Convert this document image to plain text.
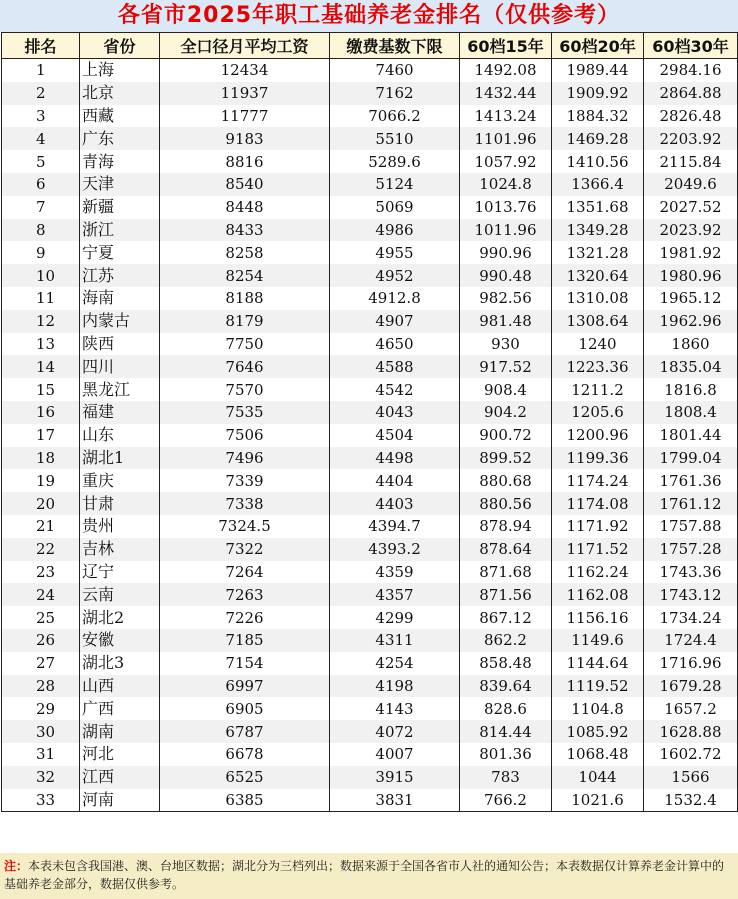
各省市2025年职工基础养老金排名（仅供参考）
排名	省份	全口径月平均工资	缴费基数下限	60档15年	60档20年	60档30年
1	上海	12434	7460	1492.08	1989.44	2984.16
2	北京	11937	7162	1432.44	1909.92	2864.88
3	西藏	11777	7066.2	1413.24	1884.32	2826.48
4	广东	9183	5510	1101.96	1469.28	2203.92
5	青海	8816	5289.6	1057.92	1410.56	2115.84
6	天津	8540	5124	1024.8	1366.4	2049.6
7	新疆	8448	5069	1013.76	1351.68	2027.52
8	浙江	8433	4986	1011.96	1349.28	2023.92
9	宁夏	8258	4955	990.96	1321.28	1981.92
10	江苏	8254	4952	990.48	1320.64	1980.96
11	海南	8188	4912.8	982.56	1310.08	1965.12
12	内蒙古	8179	4907	981.48	1308.64	1962.96
13	陕西	7750	4650	930	1240	1860
14	四川	7646	4588	917.52	1223.36	1835.04
15	黑龙江	7570	4542	908.4	1211.2	1816.8
16	福建	7535	4043	904.2	1205.6	1808.4
17	山东	7506	4504	900.72	1200.96	1801.44
18	湖北1	7496	4498	899.52	1199.36	1799.04
19	重庆	7339	4404	880.68	1174.24	1761.36
20	甘肃	7338	4403	880.56	1174.08	1761.12
21	贵州	7324.5	4394.7	878.94	1171.92	1757.88
22	吉林	7322	4393.2	878.64	1171.52	1757.28
23	辽宁	7264	4359	871.68	1162.24	1743.36
24	云南	7263	4357	871.56	1162.08	1743.12
25	湖北2	7226	4299	867.12	1156.16	1734.24
26	安徽	7185	4311	862.2	1149.6	1724.4
27	湖北3	7154	4254	858.48	1144.64	1716.96
28	山西	6997	4198	839.64	1119.52	1679.28
29	广西	6905	4143	828.6	1104.8	1657.2
30	湖南	6787	4072	814.44	1085.92	1628.88
31	河北	6678	4007	801.36	1068.48	1602.72
32	江西	6525	3915	783	1044	1566
33	河南	6385	3831	766.2	1021.6	1532.4
注：本表未包含我国港、澳、台地区数据；湖北分为三档列出；数据来源于全国各省市人社的通知公告；本表数据仅计算养老金计算中的基础养老金部分，数据仅供参考。
